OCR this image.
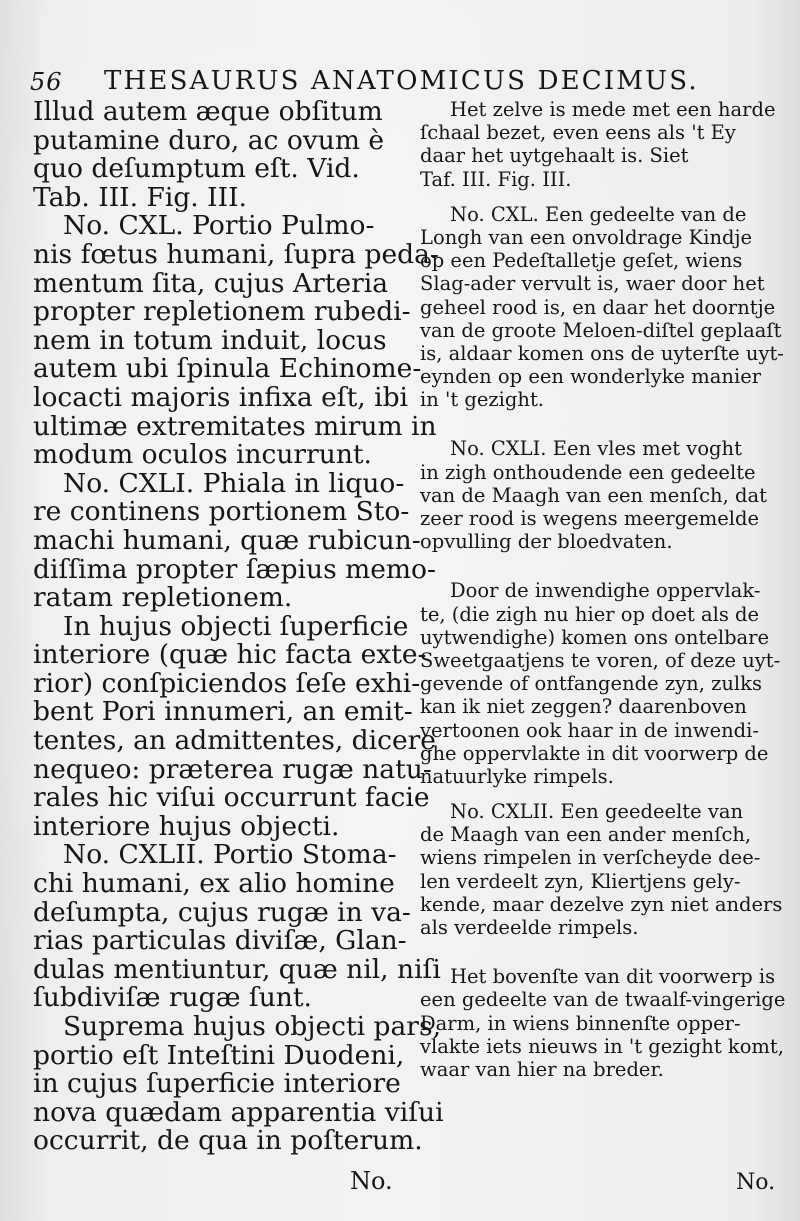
56 THESAURUS ANATOMICUS DECIMUS.
Illud autem æque obſitum
putamine duro, ac ovum è
quo deſumptum eſt. Vid.
Tab. III. Fig. III.
No. CXL. Portio Pulmo-
nis fœtus humani, ſupra peda-
mentum ſita, cujus Arteria
propter repletionem rubedi-
nem in totum induit, locus
autem ubi ſpinula Echinome-
locacti majoris infixa eſt, ibi
ultimæ extremitates mirum in
modum oculos incurrunt.
No. CXLI. Phiala in liquo-
re continens portionem Sto-
machi humani, quæ rubicun-
diſſima propter ſæpius memo-
ratam repletionem.
In hujus objecti ſuperficie
interiore (quæ hic facta exte-
rior) conſpiciendos ſeſe exhi-
bent Pori innumeri, an emit-
tentes, an admittentes, dicere
nequeo: præterea rugæ natu-
rales hic viſui occurrunt facie
interiore hujus objecti.
No. CXLII. Portio Stoma-
chi humani, ex alio homine
deſumpta, cujus rugæ in va-
rias particulas diviſæ, Glan-
dulas mentiuntur, quæ nil, niſi
ſubdiviſæ rugæ ſunt.
Suprema hujus objecti pars,
portio eſt Inteſtini Duodeni,
in cujus ſuperficie interiore
nova quædam apparentia viſui
occurrit, de qua in poſterum.
Het zelve is mede met een harde
ſchaal bezet, even eens als 't Ey
daar het uytgehaalt is. Siet
Taf. III. Fig. III.
No. CXL. Een gedeelte van de
Longh van een onvoldrage Kindje
op een Pedeſtalletje geſet, wiens
Slag-ader vervult is, waer door het
geheel rood is, en daar het doorntje
van de groote Meloen-diſtel geplaaſt
is, aldaar komen ons de uyterſte uyt-
eynden op een wonderlyke manier
in 't gezight.
No. CXLI. Een vles met voght
in zigh onthoudende een gedeelte
van de Maagh van een menſch, dat
zeer rood is wegens meergemelde
opvulling der bloedvaten.
Door de inwendighe oppervlak-
te, (die zigh nu hier op doet als de
uytwendighe) komen ons ontelbare
Sweetgaatjens te voren, of deze uyt-
gevende of ontfangende zyn, zulks
kan ik niet zeggen? daarenboven
vertoonen ook haar in de inwendi-
ghe oppervlakte in dit voorwerp de
natuurlyke rimpels.
No. CXLII. Een geedeelte van
de Maagh van een ander menſch,
wiens rimpelen in verſcheyde dee-
len verdeelt zyn, Kliertjens gely-
kende, maar dezelve zyn niet anders
als verdeelde rimpels.
Het bovenſte van dit voorwerp is
een gedeelte van de twaalf-vingerige
Darm, in wiens binnenſte opper-
vlakte iets nieuws in 't gezight komt,
waar van hier na breder.
No.	No.
